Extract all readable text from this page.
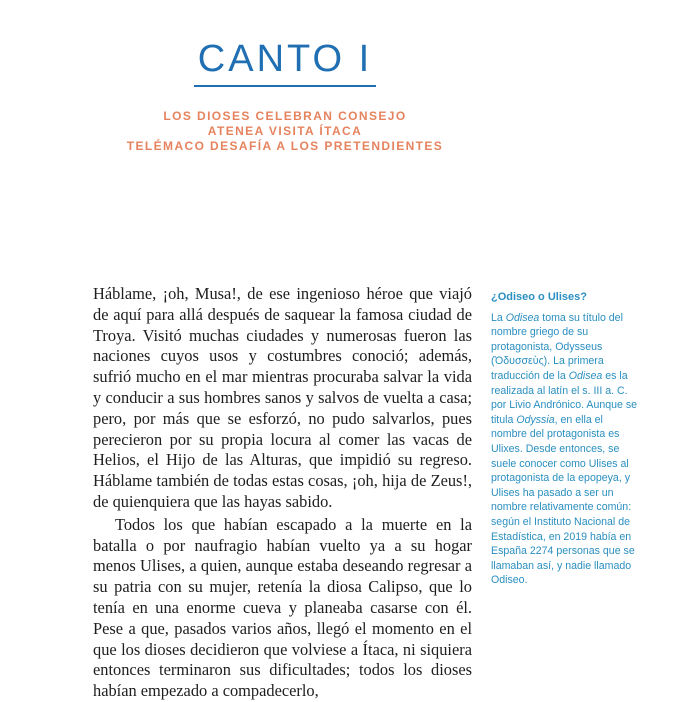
CANTO I
LOS DIOSES CELEBRAN CONSEJO
ATENEA VISITA ÍTACA
TELÉMACO DESAFÍA A LOS PRETENDIENTES

Háblame, ¡oh, Musa!, de ese ingenioso héroe que viajó de aquí para allá después de saquear la famosa ciudad de Troya. Visitó muchas ciudades y numerosas fueron las naciones cuyos usos y costumbres conoció; además, sufrió mucho en el mar mientras procuraba salvar la vida y conducir a sus hombres sanos y salvos de vuelta a casa; pero, por más que se esforzó, no pudo salvarlos, pues perecieron por su propia locura al comer las vacas de Helios, el Hijo de las Alturas, que impidió su regreso. Háblame también de todas estas cosas, ¡oh, hija de Zeus!, de quienquiera que las hayas sabido.

Todos los que habían escapado a la muerte en la batalla o por naufragio habían vuelto ya a su hogar menos Ulises, a quien, aunque estaba deseando regresar a su patria con su mujer, retenía la diosa Calipso, que lo tenía en una enorme cueva y planeaba casarse con él. Pese a que, pasados varios años, llegó el momento en el que los dioses decidieron que volviese a Ítaca, ni siquiera entonces terminaron sus dificultades; todos los dioses habían empezado a compadecerlo,

¿Odiseo o Ulises?

La Odisea toma su título del nombre griego de su protagonista, Odysseus (Ὀδυσσεὺς). La primera traducción de la Odisea es la realizada al latín el s. III a. C. por Livio Andrónico. Aunque se titula Odyssia, en ella el nombre del protagonista es Ulixes. Desde entonces, se suele conocer como Ulises al protagonista de la epopeya, y Ulises ha pasado a ser un nombre relativamente común: según el Instituto Nacional de Estadística, en 2019 había en España 2274 personas que se llamaban así, y nadie llamado Odiseo.
